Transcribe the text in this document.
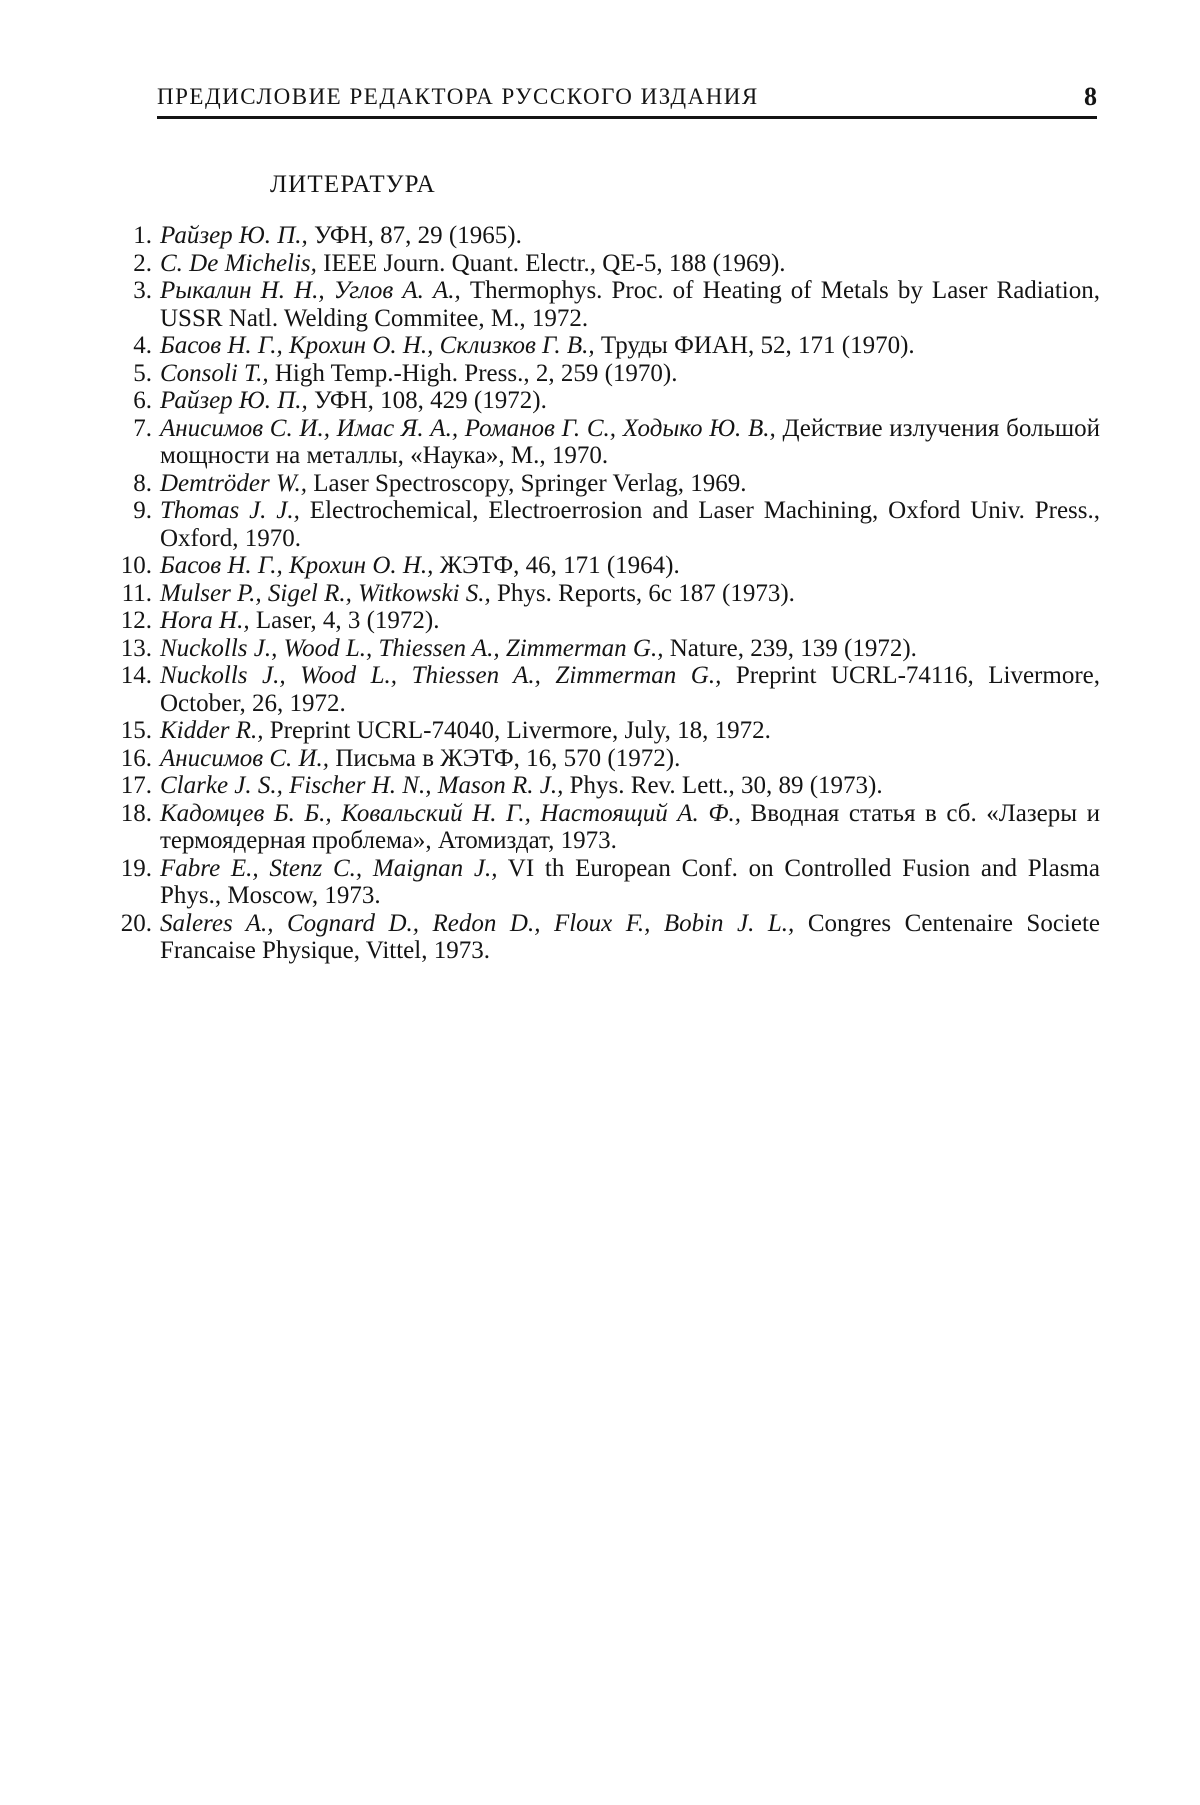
ПРЕДИСЛОВИЕ РЕДАКТОРА РУССКОГО ИЗДАНИЯ	8
ЛИТЕРАТУРА
1. Райзер Ю. П., УФН, 87, 29 (1965).
2. C. De Michelis, IEEE Journ. Quant. Electr., QE-5, 188 (1969).
3. Рыкалин Н. Н., Углов А. А., Thermophys. Proc. of Heating of Metals by Laser Radiation, USSR Natl. Welding Commitee, M., 1972.
4. Басов Н. Г., Крохин О. Н., Склизков Г. В., Труды ФИАН, 52, 171 (1970).
5. Consoli T., High Temp.-High. Press., 2, 259 (1970).
6. Райзер Ю. П., УФН, 108, 429 (1972).
7. Анисимов С. И., Имас Я. А., Романов Г. С., Ходыко Ю. В., Действие излучения большой мощности на металлы, «Наука», М., 1970.
8. Demtröder W., Laser Spectroscopy, Springer Verlag, 1969.
9. Thomas J. J., Electrochemical, Electroerrosion and Laser Machining, Oxford Univ. Press., Oxford, 1970.
10. Басов Н. Г., Крохин О. Н., ЖЭТФ, 46, 171 (1964).
11. Mulser P., Sigel R., Witkowski S., Phys. Reports, 6c 187 (1973).
12. Hora H., Laser, 4, 3 (1972).
13. Nuckolls J., Wood L., Thiessen A., Zimmerman G., Nature, 239, 139 (1972).
14. Nuckolls J., Wood L., Thiessen A., Zimmerman G., Preprint UCRL-74116, Livermore, October, 26, 1972.
15. Kidder R., Preprint UCRL-74040, Livermore, July, 18, 1972.
16. Анисимов С. И., Письма в ЖЭТФ, 16, 570 (1972).
17. Clarke J. S., Fischer H. N., Mason R. J., Phys. Rev. Lett., 30, 89 (1973).
18. Кадомцев Б. Б., Ковальский Н. Г., Настоящий А. Ф., Вводная статья в сб. «Лазеры и термоядерная проблема», Атомиздат, 1973.
19. Fabre E., Stenz C., Maignan J., VI th European Conf. on Controlled Fusion and Plasma Phys., Moscow, 1973.
20. Saleres A., Cognard D., Redon D., Floux F., Bobin J. L., Congres Centenaire Societe Francaise Physique, Vittel, 1973.
